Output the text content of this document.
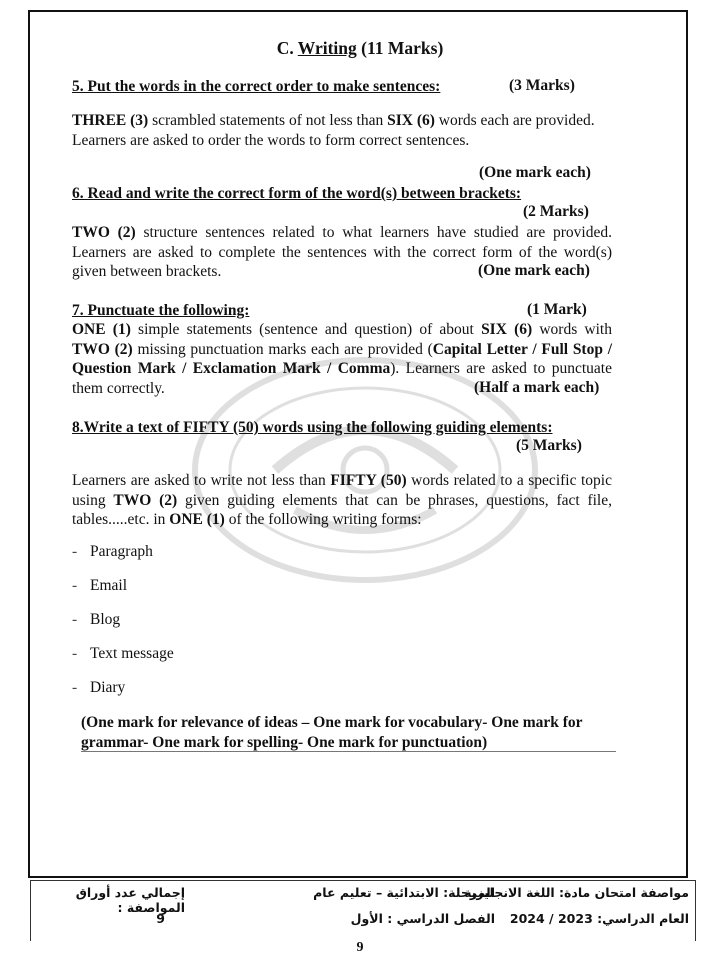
C. Writing (11 Marks)
5. Put the words in the correct order to make sentences:	(3 Marks)
THREE (3) scrambled statements of not less than SIX (6) words each are provided. Learners are asked to order the words to form correct sentences.
(One mark each)
6. Read and write the correct form of the word(s) between brackets:
(2 Marks)
TWO (2) structure sentences related to what learners have studied are provided. Learners are asked to complete the sentences with the correct form of the word(s) given between brackets.	(One mark each)
7. Punctuate the following:	(1 Mark)
ONE (1) simple statements (sentence and question) of about SIX (6) words with TWO (2) missing punctuation marks each are provided (Capital Letter / Full Stop / Question Mark / Exclamation Mark / Comma). Learners are asked to punctuate them correctly.	(Half a mark each)
8.Write a text of FIFTY (50) words using the following guiding elements:
(5 Marks)
Learners are asked to write not less than FIFTY (50) words related to a specific topic using TWO (2) given guiding elements that can be phrases, questions, fact file, tables.....etc. in ONE (1) of the following writing forms:
- Paragraph
- Email
- Blog
- Text message
- Diary
(One mark for relevance of ideas – One mark for vocabulary- One mark for grammar- One mark for spelling- One mark for punctuation)
مواصفة امتحان مادة: اللغة الانجليزية
المرحلة: الابتدائية – تعليم عام
إجمالي عدد أوراق المواصفة :
العام الدراسي: 2023 / 2024
الفصل الدراسي : الأول
9
9
